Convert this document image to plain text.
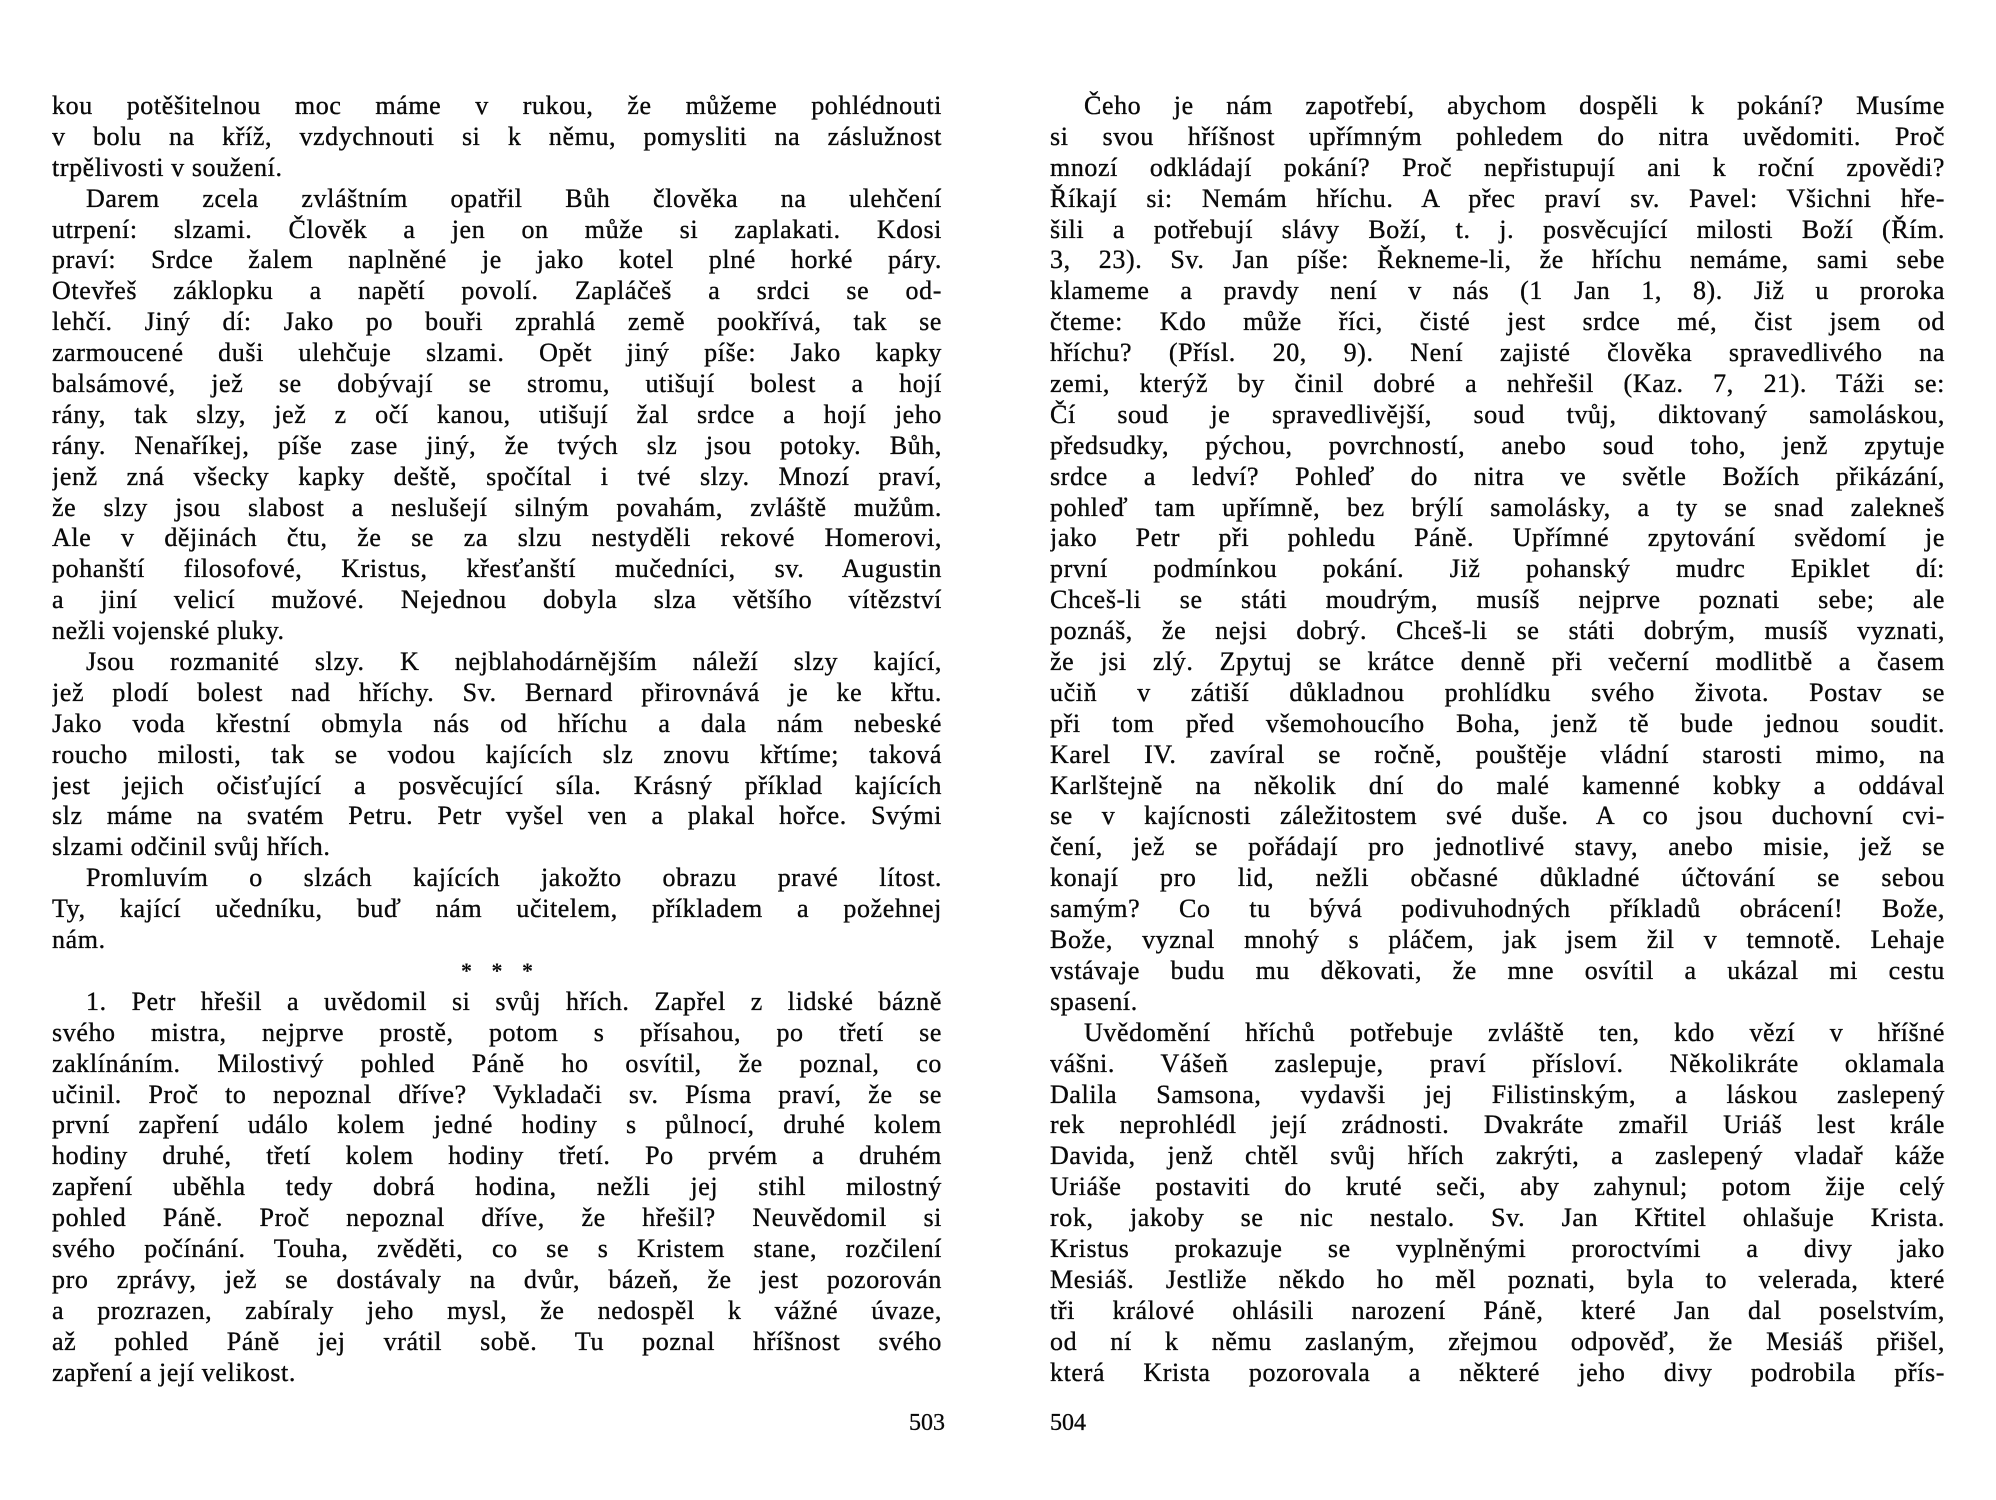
kou potěšitelnou moc máme v rukou, že můžeme pohlédnouti
v bolu na kříž, vzdychnouti si k němu, pomysliti na záslužnost
trpělivosti v soužení.
Darem zcela zvláštním opatřil Bůh člověka na ulehčení
utrpení: slzami. Člověk a jen on může si zaplakati. Kdosi
praví: Srdce žalem naplněné je jako kotel plné horké páry.
Otevřeš záklopku a napětí povolí. Zapláčeš a srdci se od-
lehčí. Jiný dí: Jako po bouři zprahlá země pookřívá, tak se
zarmoucené duši ulehčuje slzami. Opět jiný píše: Jako kapky
balsámové, jež se dobývají se stromu, utišují bolest a hojí
rány, tak slzy, jež z očí kanou, utišují žal srdce a hojí jeho
rány. Nenaříkej, píše zase jiný, že tvých slz jsou potoky. Bůh,
jenž zná všecky kapky deště, spočítal i tvé slzy. Mnozí praví,
že slzy jsou slabost a neslušejí silným povahám, zvláště mužům.
Ale v dějinách čtu, že se za slzu nestyděli rekové Homerovi,
pohanští filosofové, Kristus, křesťanští mučedníci, sv. Augustin
a jiní velicí mužové. Nejednou dobyla slza většího vítězství
nežli vojenské pluky.
Jsou rozmanité slzy. K nejblahodárnějším náleží slzy kající,
jež plodí bolest nad hříchy. Sv. Bernard přirovnává je ke křtu.
Jako voda křestní obmyla nás od hříchu a dala nám nebeské
roucho milosti, tak se vodou kajících slz znovu křtíme; taková
jest jejich očisťující a posvěcující síla. Krásný příklad kajících
slz máme na svatém Petru. Petr vyšel ven a plakal hořce. Svými
slzami odčinil svůj hřích.
Promluvím o slzách kajících jakožto obrazu pravé lítost.
Ty, kající učedníku, buď nám učitelem, příkladem a požehnej
nám.
* * *
1. Petr hřešil a uvědomil si svůj hřích. Zapřel z lidské bázně
svého mistra, nejprve prostě, potom s přísahou, po třetí se
zaklínáním. Milostivý pohled Páně ho osvítil, že poznal, co
učinil. Proč to nepoznal dříve? Vykladači sv. Písma praví, že se
první zapření událo kolem jedné hodiny s půlnocí, druhé kolem
hodiny druhé, třetí kolem hodiny třetí. Po prvém a druhém
zapření uběhla tedy dobrá hodina, nežli jej stihl milostný
pohled Páně. Proč nepoznal dříve, že hřešil? Neuvědomil si
svého počínání. Touha, zvěděti, co se s Kristem stane, rozčilení
pro zprávy, jež se dostávaly na dvůr, bázeň, že jest pozorován
a prozrazen, zabíraly jeho mysl, že nedospěl k vážné úvaze,
až pohled Páně jej vrátil sobě. Tu poznal hříšnost svého
zapření a její velikost.
Čeho je nám zapotřebí, abychom dospěli k pokání? Musíme
si svou hříšnost upřímným pohledem do nitra uvědomiti. Proč
mnozí odkládají pokání? Proč nepřistupují ani k roční zpovědi?
Říkají si: Nemám hříchu. A přec praví sv. Pavel: Všichni hře-
šili a potřebují slávy Boží, t. j. posvěcující milosti Boží (Řím.
3, 23). Sv. Jan píše: Řekneme-li, že hříchu nemáme, sami sebe
klameme a pravdy není v nás (1 Jan 1, 8). Již u proroka
čteme: Kdo může říci, čisté jest srdce mé, čist jsem od
hříchu? (Přísl. 20, 9). Není zajisté člověka spravedlivého na
zemi, kterýž by činil dobré a nehřešil (Kaz. 7, 21). Táži se:
Čí soud je spravedlivější, soud tvůj, diktovaný samoláskou,
předsudky, pýchou, povrchností, anebo soud toho, jenž zpytuje
srdce a ledví? Pohleď do nitra ve světle Božích přikázání,
pohleď tam upřímně, bez brýlí samolásky, a ty se snad zalekneš
jako Petr při pohledu Páně. Upřímné zpytování svědomí je
první podmínkou pokání. Již pohanský mudrc Epiklet dí:
Chceš-li se státi moudrým, musíš nejprve poznati sebe; ale
poznáš, že nejsi dobrý. Chceš-li se státi dobrým, musíš vyznati,
že jsi zlý. Zpytuj se krátce denně při večerní modlitbě a časem
učiň v zátiší důkladnou prohlídku svého života. Postav se
při tom před všemohoucího Boha, jenž tě bude jednou soudit.
Karel IV. zavíral se ročně, pouštěje vládní starosti mimo, na
Karlštejně na několik dní do malé kamenné kobky a oddával
se v kajícnosti záležitostem své duše. A co jsou duchovní cvi-
čení, jež se pořádají pro jednotlivé stavy, anebo misie, jež se
konají pro lid, nežli občasné důkladné účtování se sebou
samým? Co tu bývá podivuhodných příkladů obrácení! Bože,
Bože, vyznal mnohý s pláčem, jak jsem žil v temnotě. Lehaje
vstávaje budu mu děkovati, že mne osvítil a ukázal mi cestu
spasení.
Uvědomění hříchů potřebuje zvláště ten, kdo vězí v hříšné
vášni. Vášeň zaslepuje, praví přísloví. Několikráte oklamala
Dalila Samsona, vydavši jej Filistinským, a láskou zaslepený
rek neprohlédl její zrádnosti. Dvakráte zmařil Uriáš lest krále
Davida, jenž chtěl svůj hřích zakrýti, a zaslepený vladař káže
Uriáše postaviti do kruté seči, aby zahynul; potom žije celý
rok, jakoby se nic nestalo. Sv. Jan Křtitel ohlašuje Krista.
Kristus prokazuje se vyplněnými proroctvími a divy jako
Mesiáš. Jestliže někdo ho měl poznati, byla to velerada, které
tři králové ohlásili narození Páně, které Jan dal poselstvím,
od ní k němu zaslaným, zřejmou odpověď, že Mesiáš přišel,
která Krista pozorovala a některé jeho divy podrobila přís-
503	504
